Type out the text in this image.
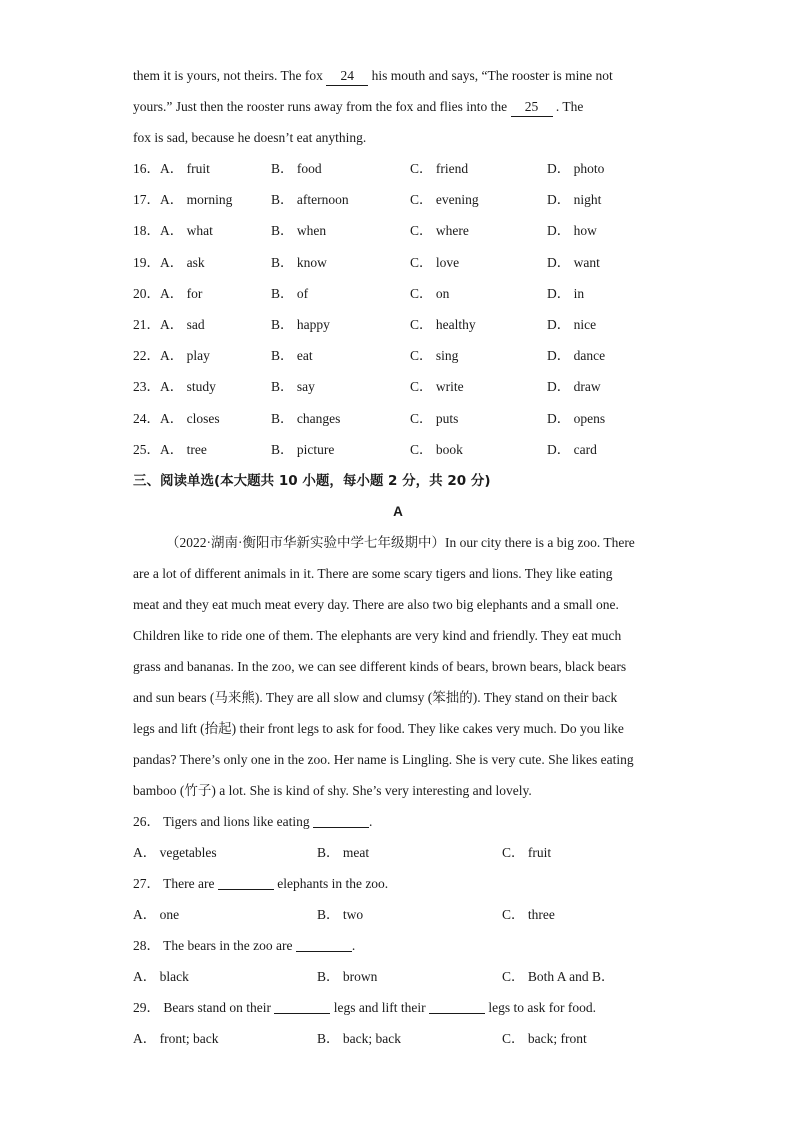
them it is yours, not theirs. The fox 24 his mouth and says, “The rooster is mine not
yours.” Just then the rooster runs away from the fox and flies into the 25 . The
fox is sad, because he doesn’t eat anything.
16．A． fruit	B． food	C． friend	D． photo
17．A． morning	B． afternoon	C． evening	D． night
18．A． what	B． when	C． where	D． how
19．A． ask	B． know	C． love	D． want
20．A． for	B． of	C． on	D． in
21．A． sad	B． happy	C． healthy	D． nice
22．A． play	B． eat	C． sing	D． dance
23．A． study	B． say	C． write	D． draw
24．A． closes	B． changes	C． puts	D． opens
25．A． tree	B． picture	C． book	D． card
三、阅读单选(本大题共 10 小题，每小题 2 分，共 20 分)
A
（2022·湖南·衡阳市华新实验中学七年级期中）In our city there is a big zoo. There
are a lot of different animals in it. There are some scary tigers and lions. They like eating
meat and they eat much meat every day. There are also two big elephants and a small one.
Children like to ride one of them. The elephants are very kind and friendly. They eat much
grass and bananas. In the zoo, we can see different kinds of bears, brown bears, black bears
and sun bears (马来熊). They are all slow and clumsy (笨拙的). They stand on their back
legs and lift (抬起) their front legs to ask for food. They like cakes very much. Do you like
pandas? There’s only one in the zoo. Her name is Lingling. She is very cute. She likes eating
bamboo (竹子) a lot. She is kind of shy. She’s very interesting and lovely.
26． Tigers and lions like eating	.
A． vegetables	B． meat	C． fruit
27． There are	elephants in the zoo.
A． one	B． two	C． three
28． The bears in the zoo are	.
A． black	B． brown	C． Both A and B．
29． Bears stand on their	legs and lift their	legs to ask for food.
A． front; back	B． back; back	C． back; front
